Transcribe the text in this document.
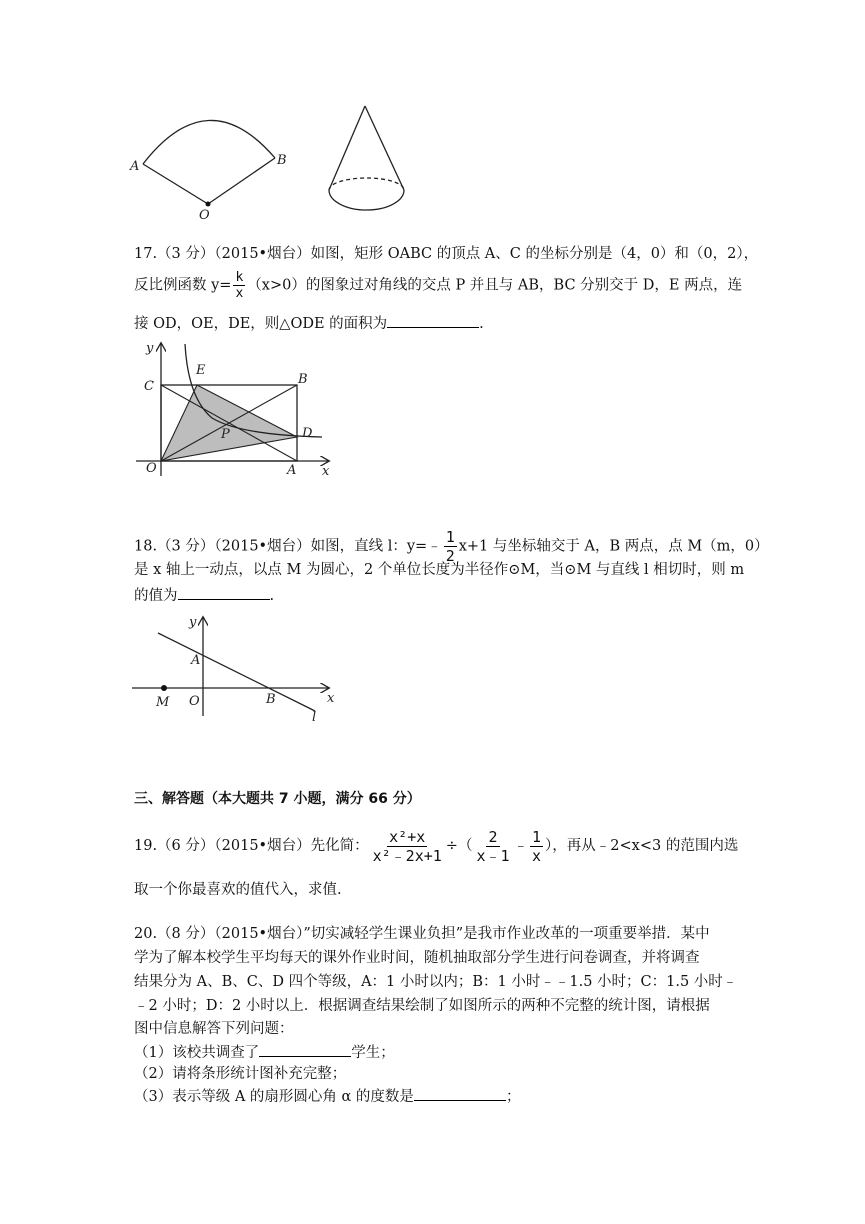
A	B
O
17.（3 分）（2015•烟台）如图，矩形 OABC 的顶点 A、C 的坐标分别是（4，0）和（0，2），
反比例函数 $y= \frac{k}{x} (x>0)$的图象过对角线的交点 P 并且与 AB，BC 分别交于 D，E 两点，连
接 OD，OE，DE，则△ODE 的面积为	.
y
C
E
B
P	D
O	A x
18.（3 分）（2015•烟台）如图，直线 l：y=﹣ $\frac{1}{2} x+1$ 与坐标轴交于 A，B 两点，点 M（m，0）
是 x 轴上一动点，以点 M 为圆心，2 个单位长度为半径作⊙M，当⊙M 与直线 l 相切时，则 m
的值为	.
y
A
O	B
M	x
l
三、解答题（本大题共 7 小题，满分 66 分）
19.（6 分）（2015•烟台）先化简： $\frac{\text{x²+x}}{\text{x²﹣2x+1}}$ ÷（ $\frac{2}{x﹣1}$ ﹣ $\frac{1}{x}$ ），再从﹣2<x<3 的范围内选
取一个你最喜欢的值代入，求值.
20.（8 分）（2015•烟台）”切实减轻学生课业负担”是我市作业改革的一项重要举措．某中
学为了解本校学生平均每天的课外作业时间，随机抽取部分学生进行问卷调查，并将调查
结果分为 A、B、C、D 四个等级，A：1 小时以内；B：1 小时﹣﹣1.5 小时；C：1.5 小时﹣
﹣2 小时；D：2 小时以上．根据调查结果绘制了如图所示的两种不完整的统计图，请根据
图中信息解答下列问题：
（1）该校共调查了	学生；
（2）请将条形统计图补充完整；
（3）表示等级 A 的扇形圆心角 α 的度数是	；
